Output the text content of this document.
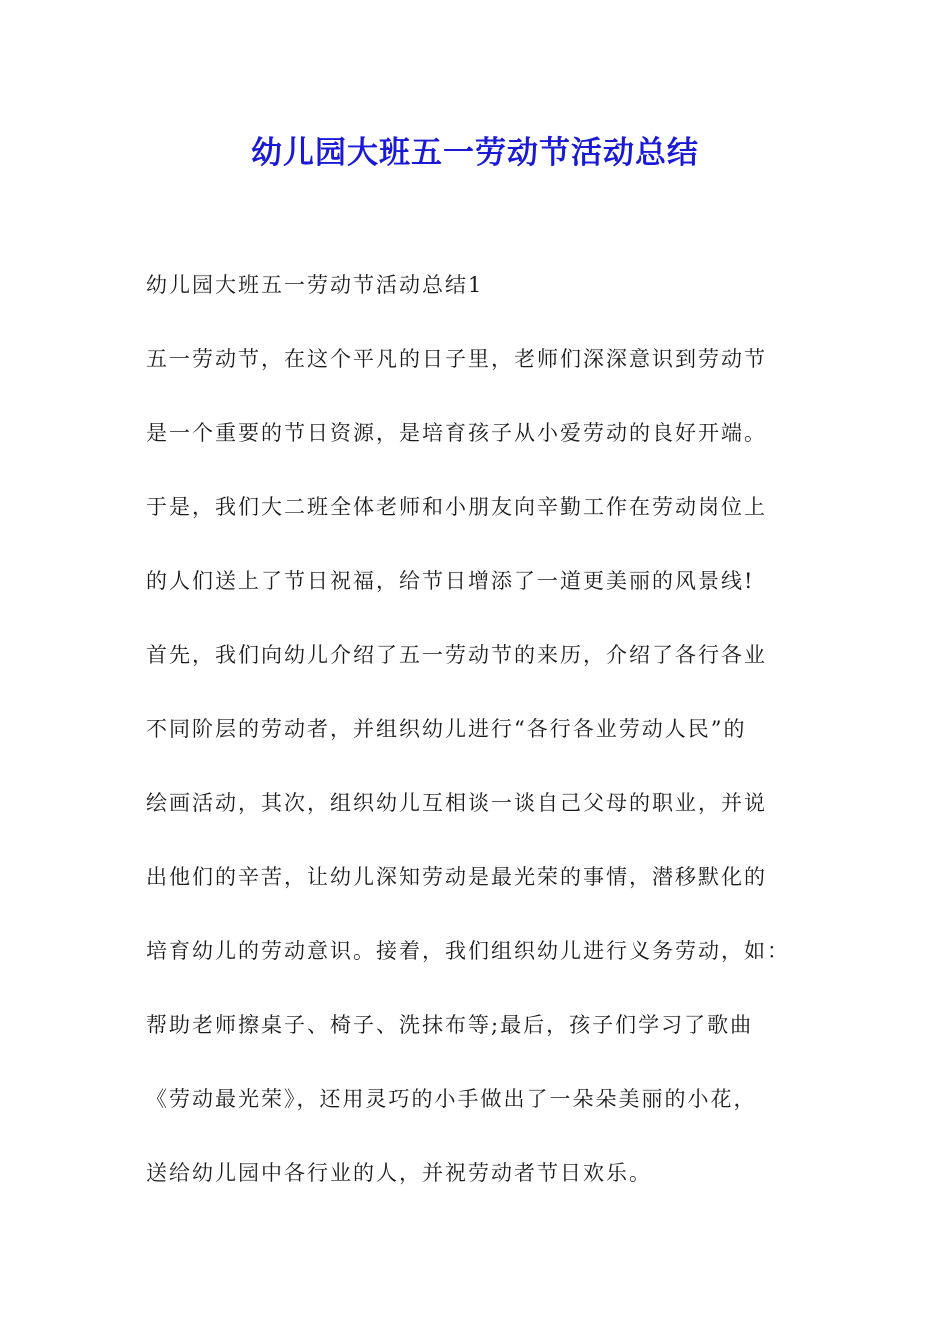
幼儿园大班五一劳动节活动总结

幼儿园大班五一劳动节活动总结1

五一劳动节，在这个平凡的日子里，老师们深深意识到劳动节

是一个重要的节日资源，是培育孩子从小爱劳动的良好开端。

于是，我们大二班全体老师和小朋友向辛勤工作在劳动岗位上

的人们送上了节日祝福，给节日增添了一道更美丽的风景线!

首先，我们向幼儿介绍了五一劳动节的来历，介绍了各行各业

不同阶层的劳动者，并组织幼儿进行“各行各业劳动人民”的

绘画活动，其次，组织幼儿互相谈一谈自己父母的职业，并说

出他们的辛苦，让幼儿深知劳动是最光荣的事情，潜移默化的

培育幼儿的劳动意识。接着，我们组织幼儿进行义务劳动，如：

帮助老师擦桌子、椅子、洗抹布等;最后，孩子们学习了歌曲

《劳动最光荣》，还用灵巧的小手做出了一朵朵美丽的小花，

送给幼儿园中各行业的人，并祝劳动者节日欢乐。
